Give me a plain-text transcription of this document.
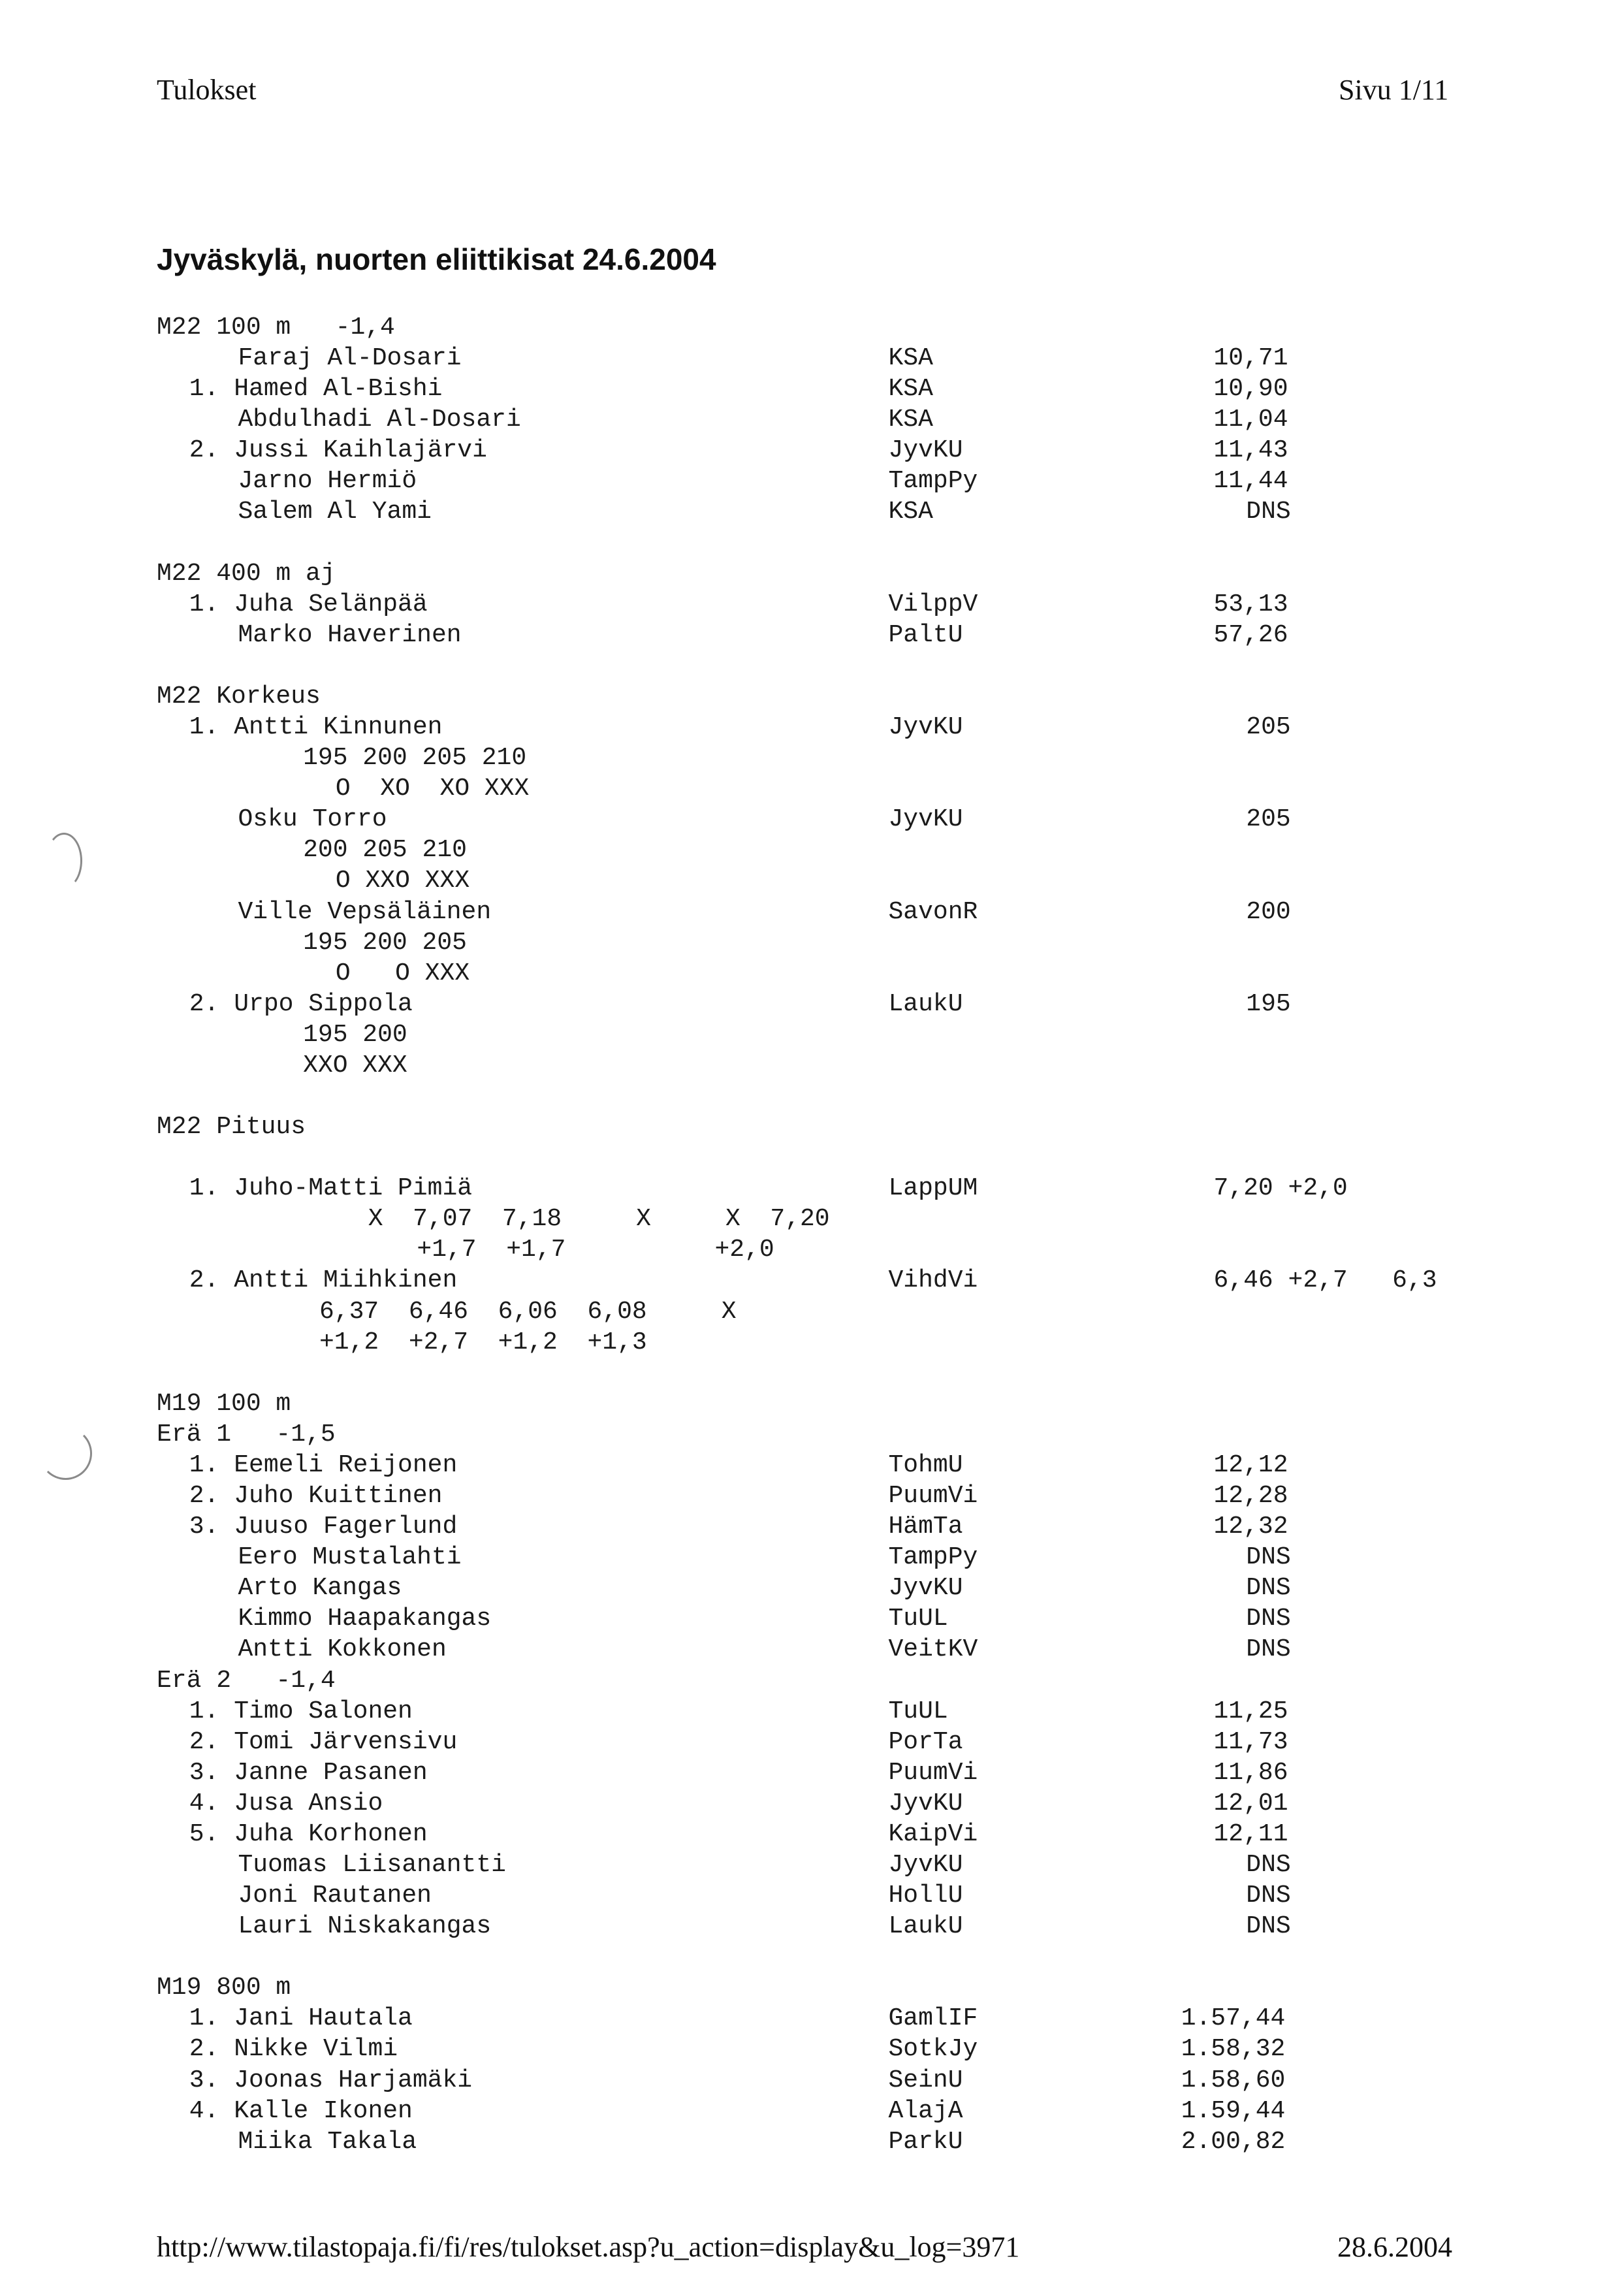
Tulokset	Sivu 1/11
Jyväskylä, nuorten eliittikisat 24.6.2004
M22 100 m   -1,4
Faraj Al-Dosari	KSA	10,71
1. Hamed Al-Bishi	KSA	10,90
Abdulhadi Al-Dosari	KSA	11,04
2. Jussi Kaihlajärvi	JyvKU	11,43
Jarno Hermiö	TampPy	11,44
Salem Al Yami	KSA	DNS
M22 400 m aj
1. Juha Selänpää	VilppV	53,13
Marko Haverinen	PaltU	57,26
M22 Korkeus
1. Antti Kinnunen	JyvKU	205
195 200 205 210
O  XO  XO XXX
Osku Torro	JyvKU	205
200 205 210
O XXO XXX
Ville Vepsäläinen	SavonR	200
195 200 205
O   O XXX
2. Urpo Sippola	LaukU	195
195 200
XXO XXX
M22 Pituus
1. Juho-Matti Pimiä	LappUM	7,20 +2,0
X  7,07  7,18     X     X  7,20
+1,7  +1,7          +2,0
2. Antti Miihkinen	VihdVi	6,46 +2,7   6,3
6,37  6,46  6,06  6,08     X
+1,2  +2,7  +1,2  +1,3
M19 100 m
Erä 1   -1,5
1. Eemeli Reijonen	TohmU	12,12
2. Juho Kuittinen	PuumVi	12,28
3. Juuso Fagerlund	HämTa	12,32
Eero Mustalahti	TampPy	DNS
Arto Kangas	JyvKU	DNS
Kimmo Haapakangas	TuUL	DNS
Antti Kokkonen	VeitKV	DNS
Erä 2   -1,4
1. Timo Salonen	TuUL	11,25
2. Tomi Järvensivu	PorTa	11,73
3. Janne Pasanen	PuumVi	11,86
4. Jusa Ansio	JyvKU	12,01
5. Juha Korhonen	KaipVi	12,11
Tuomas Liisanantti	JyvKU	DNS
Joni Rautanen	HollU	DNS
Lauri Niskakangas	LaukU	DNS
M19 800 m
1. Jani Hautala	GamlIF	1.57,44
2. Nikke Vilmi	SotkJy	1.58,32
3. Joonas Harjamäki	SeinU	1.58,60
4. Kalle Ikonen	AlajA	1.59,44
Miika Takala	ParkU	2.00,82
http://www.tilastopaja.fi/fi/res/tulokset.asp?u_action=display&u_log=3971	28.6.2004
